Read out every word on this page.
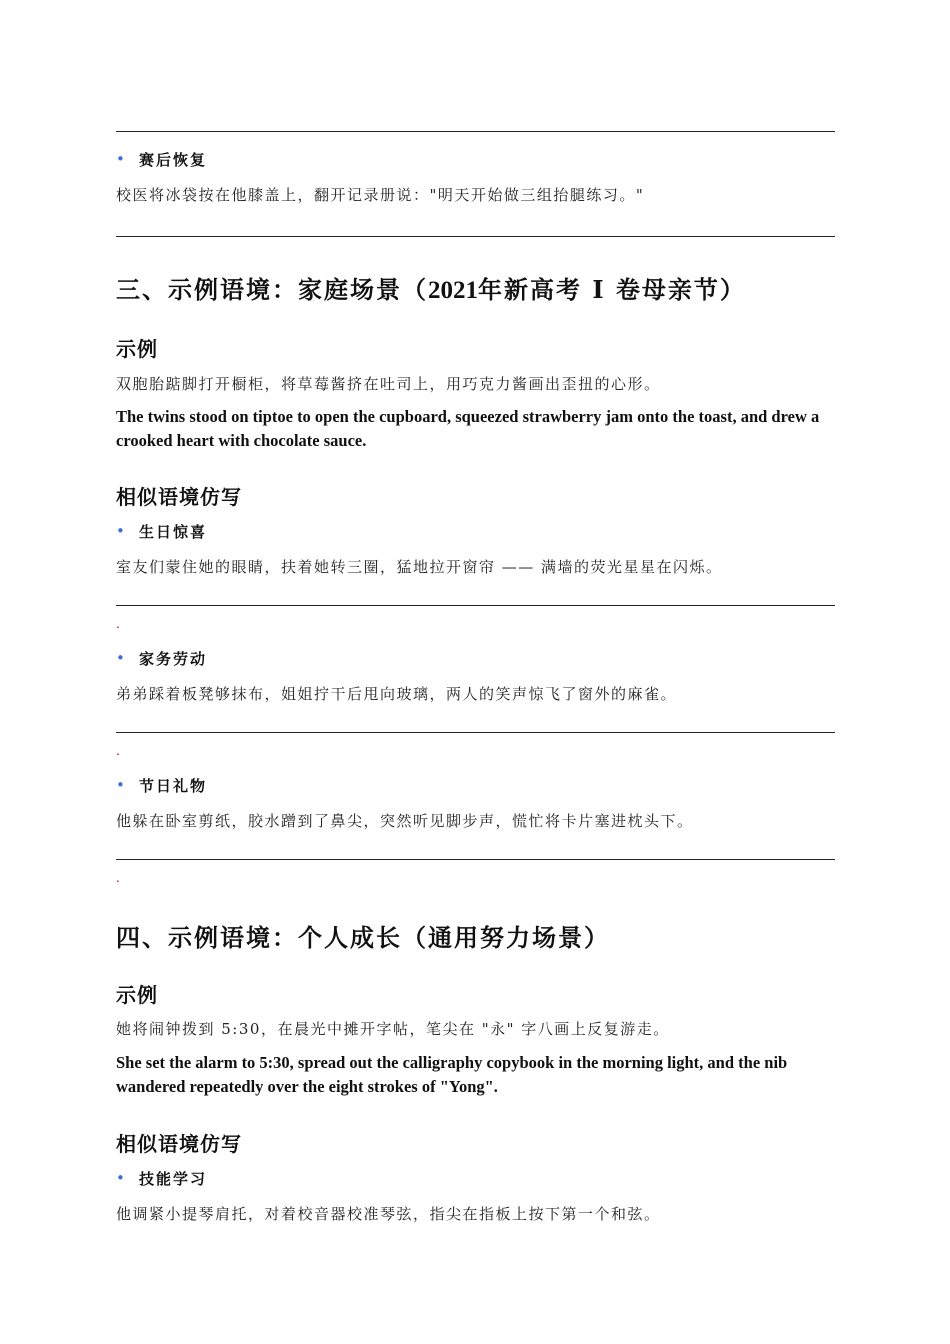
• 赛后恢复
校医将冰袋按在他膝盖上，翻开记录册说："明天开始做三组抬腿练习。"
三、示例语境：家庭场景（2021年新高考 Ⅰ 卷母亲节）
示例
双胞胎踮脚打开橱柜，将草莓酱挤在吐司上，用巧克力酱画出歪扭的心形。
The twins stood on tiptoe to open the cupboard, squeezed strawberry jam onto the toast, and drew a crooked heart with chocolate sauce.
相似语境仿写
• 生日惊喜
室友们蒙住她的眼睛，扶着她转三圈，猛地拉开窗帘 —— 满墙的荧光星星在闪烁。
.
• 家务劳动
弟弟踩着板凳够抹布，姐姐拧干后甩向玻璃，两人的笑声惊飞了窗外的麻雀。
.
• 节日礼物
他躲在卧室剪纸，胶水蹭到了鼻尖，突然听见脚步声，慌忙将卡片塞进枕头下。
.
四、示例语境：个人成长（通用努力场景）
示例
她将闹钟拨到 5:30，在晨光中摊开字帖，笔尖在 "永" 字八画上反复游走。
She set the alarm to 5:30, spread out the calligraphy copybook in the morning light, and the nib wandered repeatedly over the eight strokes of "Yong".
相似语境仿写
• 技能学习
他调紧小提琴肩托，对着校音器校准琴弦，指尖在指板上按下第一个和弦。
